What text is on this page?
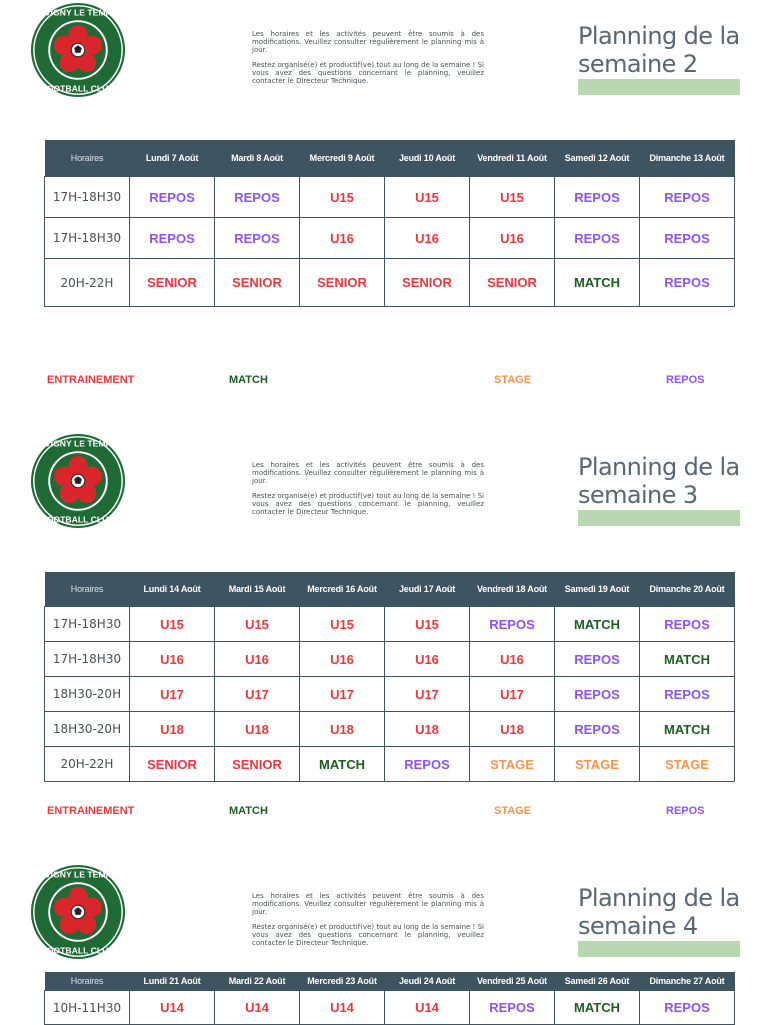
SAVIGNY LE TEMPLE
FOOTBALL CLUB

Les horaires et les activités peuvent être soumis à des modifications. Veuillez consulter régulièrement le planning mis à jour.

Restez organisé(e) et productif(ve) tout au long de la semaine ! Si vous avez des questions concernant le planning, veuillez contacter le Directeur Technique.

Planning de la
semaine 2
Horaires	Lundi 7 Août	Mardi 8 Août	Mercredi 9 Août	Jeudi 10 Août	Vendredi 11 Août	Samedi 12 Août	Dimanche 13 Août
17H-18H30	REPOS	REPOS	U15	U15	U15	REPOS	REPOS
17H-18H30	REPOS	REPOS	U16	U16	U16	REPOS	REPOS
20H-22H	SENIOR	SENIOR	SENIOR	SENIOR	SENIOR	MATCH	REPOS
ENTRAINEMENT	MATCH	STAGE	REPOS
SAVIGNY LE TEMPLE
FOOTBALL CLUB

Les horaires et les activités peuvent être soumis à des modifications. Veuillez consulter régulièrement le planning mis à jour.

Restez organisé(e) et productif(ve) tout au long de la semaine ! Si vous avez des questions concernant le planning, veuillez contacter le Directeur Technique.

Planning de la
semaine 3
Horaires	Lundi 14 Août	Mardi 15 Août	Mercredi 16 Août	Jeudi 17 Août	Vendredi 18 Août	Samedi 19 Août	Dimanche 20 Août
17H-18H30	U15	U15	U15	U15	REPOS	MATCH	REPOS
17H-18H30	U16	U16	U16	U16	U16	REPOS	MATCH
18H30-20H	U17	U17	U17	U17	U17	REPOS	REPOS
18H30-20H	U18	U18	U18	U18	U18	REPOS	MATCH
20H-22H	SENIOR	SENIOR	MATCH	REPOS	STAGE	STAGE	STAGE
ENTRAINEMENT	MATCH	STAGE	REPOS
SAVIGNY LE TEMPLE
FOOTBALL CLUB

Les horaires et les activités peuvent être soumis à des modifications. Veuillez consulter régulièrement le planning mis à jour.

Restez organisé(e) et productif(ve) tout au long de la semaine ! Si vous avez des questions concernant le planning, veuillez contacter le Directeur Technique.

Planning de la
semaine 4
Horaires	Lundi 21 Août	Mardi 22 Août	Mercredi 23 Août	Jeudi 24 Août	Vendredi 25 Août	Samedi 26 Août	Dimanche 27 Août
10H-11H30	U14	U14	U14	U14	REPOS	MATCH	REPOS
